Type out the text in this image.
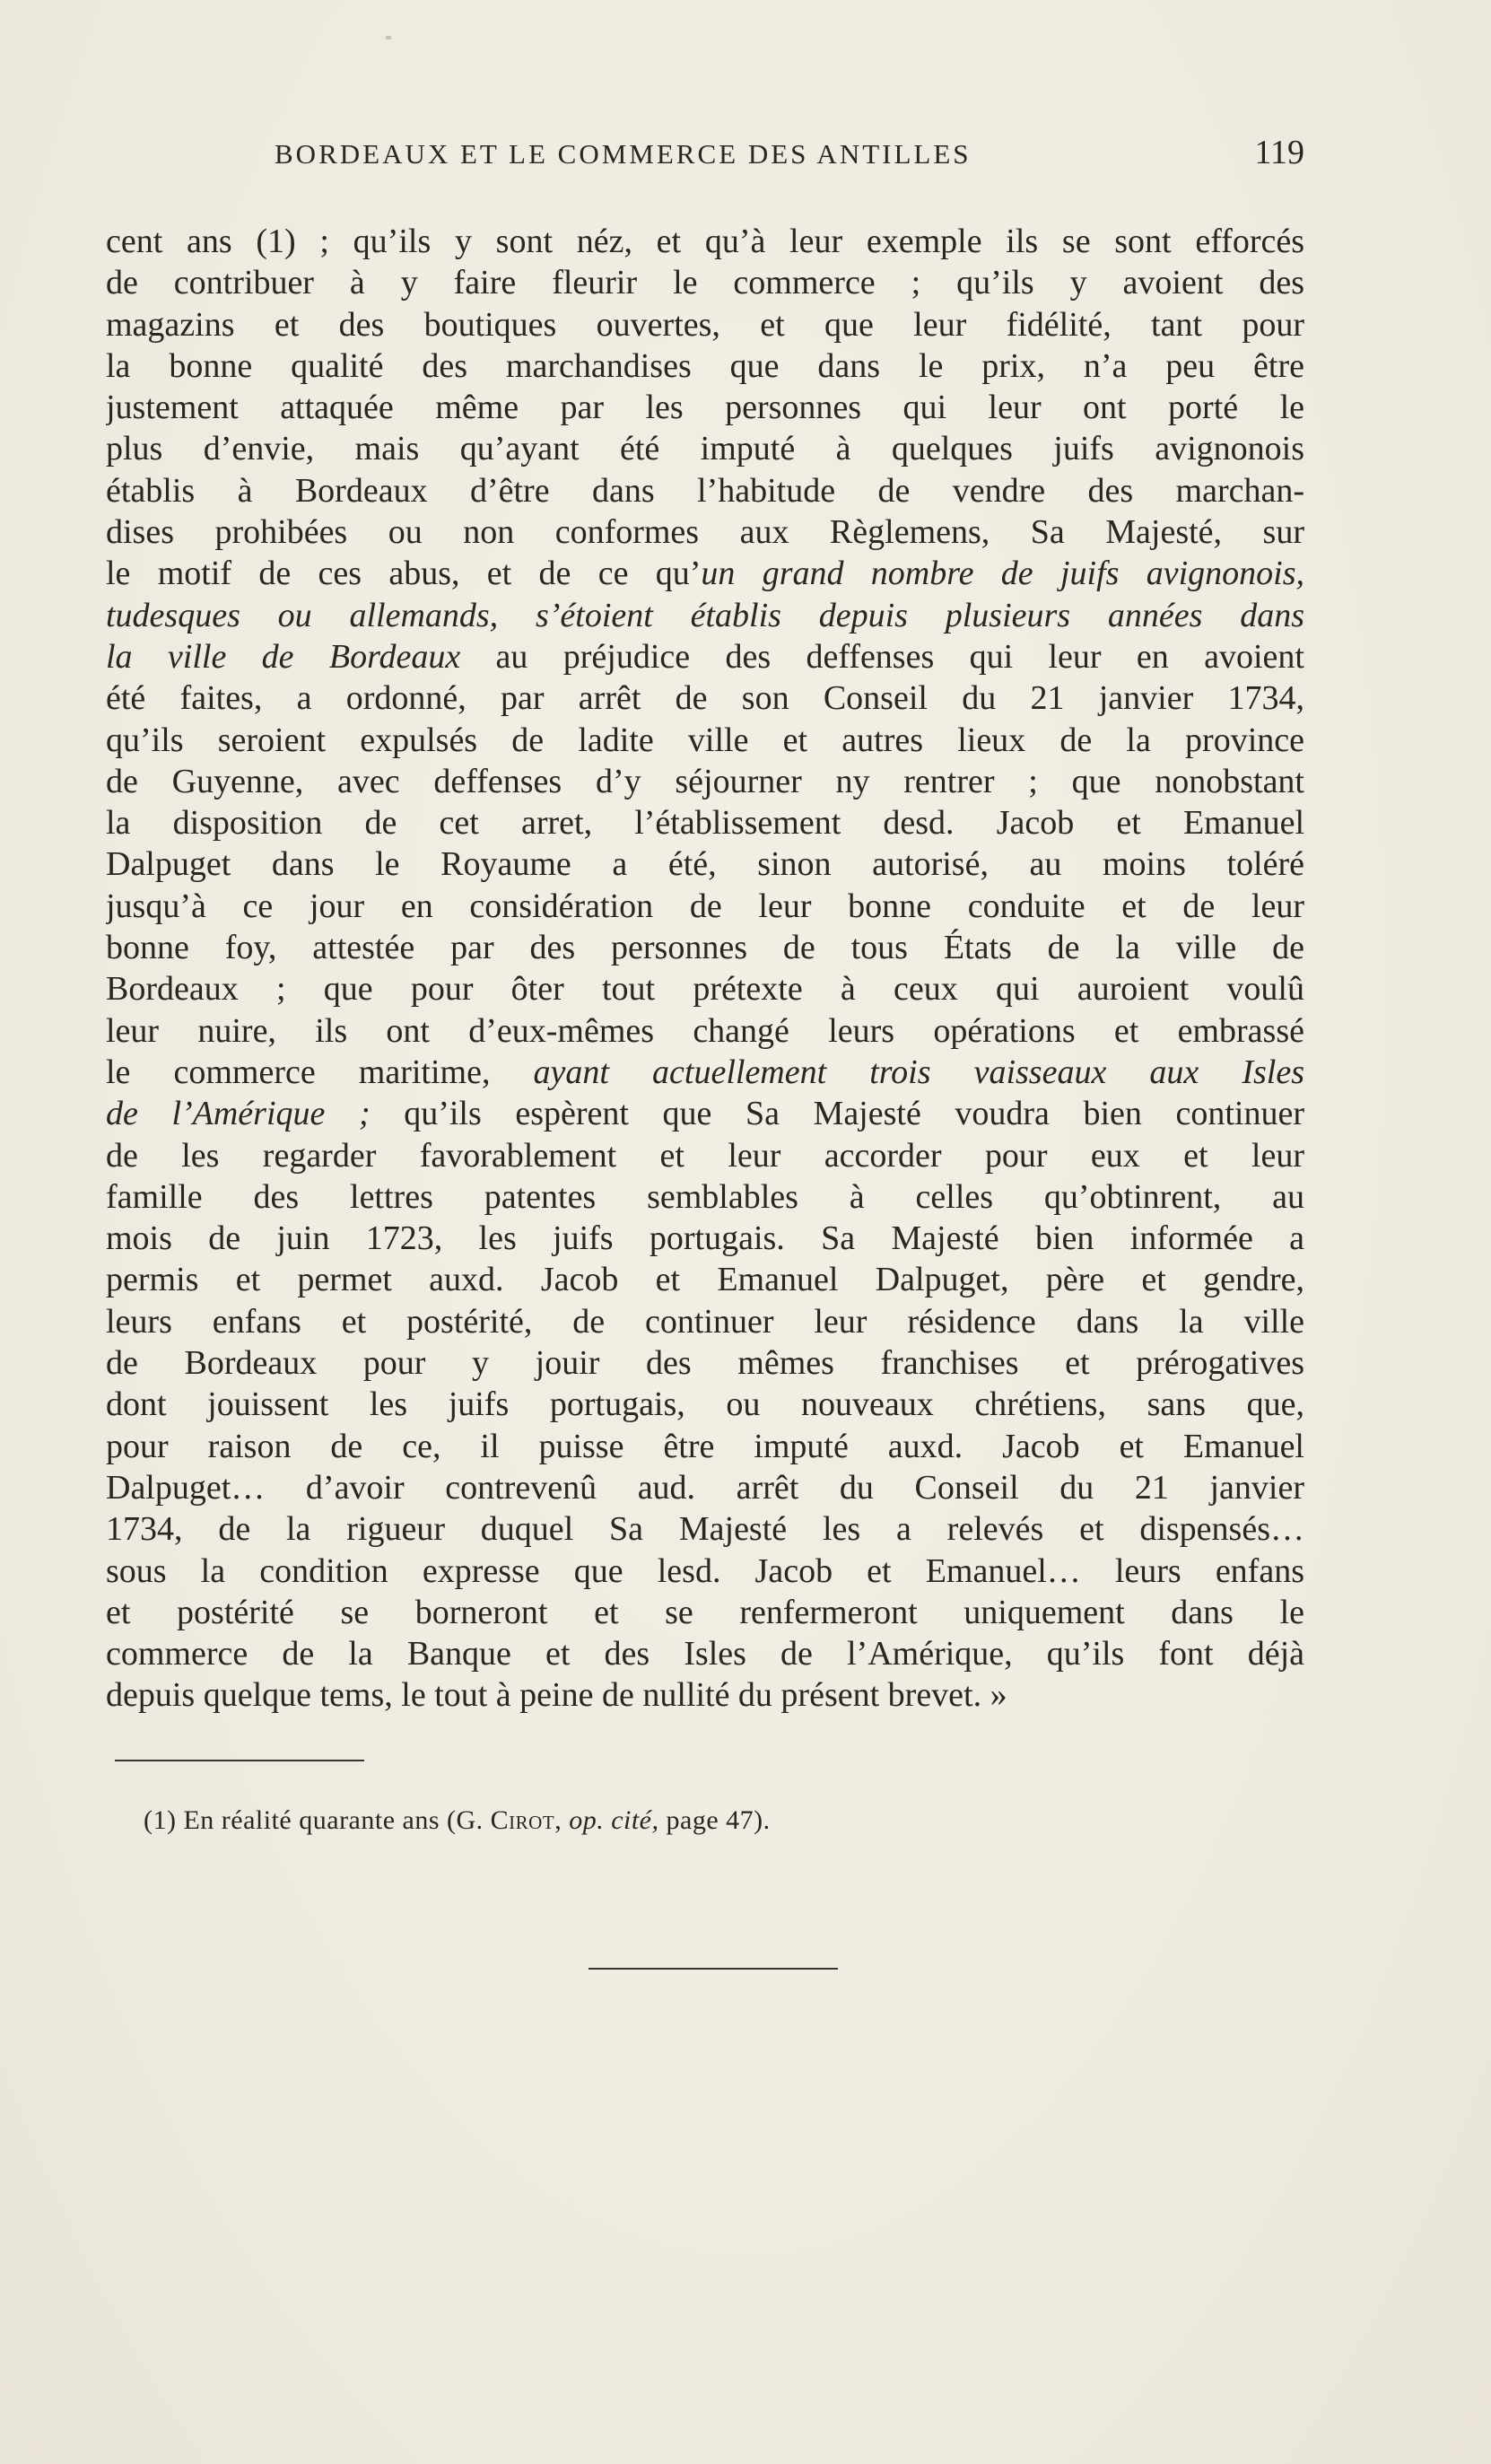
BORDEAUX ET LE COMMERCE DES ANTILLES	119
cent ans (1) ; qu’ils y sont néz, et qu’à leur exemple ils se sont efforcés
de contribuer à y faire fleurir le commerce ; qu’ils y avoient des
magazins et des boutiques ouvertes, et que leur fidélité, tant pour
la bonne qualité des marchandises que dans le prix, n’a peu être
justement attaquée même par les personnes qui leur ont porté le
plus d’envie, mais qu’ayant été imputé à quelques juifs avignonois
établis à Bordeaux d’être dans l’habitude de vendre des marchan-
dises prohibées ou non conformes aux Règlemens, Sa Majesté, sur
le motif de ces abus, et de ce qu’un grand nombre de juifs avignonois,
tudesques ou allemands, s’étoient établis depuis plusieurs années dans
la ville de Bordeaux au préjudice des deffenses qui leur en avoient
été faites, a ordonné, par arrêt de son Conseil du 21 janvier 1734,
qu’ils seroient expulsés de ladite ville et autres lieux de la province
de Guyenne, avec deffenses d’y séjourner ny rentrer ; que nonobstant
la disposition de cet arret, l’établissement desd. Jacob et Emanuel
Dalpuget dans le Royaume a été, sinon autorisé, au moins toléré
jusqu’à ce jour en considération de leur bonne conduite et de leur
bonne foy, attestée par des personnes de tous États de la ville de
Bordeaux ; que pour ôter tout prétexte à ceux qui auroient voulû
leur nuire, ils ont d’eux-mêmes changé leurs opérations et embrassé
le commerce maritime, ayant actuellement trois vaisseaux aux Isles
de l’Amérique ; qu’ils espèrent que Sa Majesté voudra bien continuer
de les regarder favorablement et leur accorder pour eux et leur
famille des lettres patentes semblables à celles qu’obtinrent, au
mois de juin 1723, les juifs portugais. Sa Majesté bien informée a
permis et permet auxd. Jacob et Emanuel Dalpuget, père et gendre,
leurs enfans et postérité, de continuer leur résidence dans la ville
de Bordeaux pour y jouir des mêmes franchises et prérogatives
dont jouissent les juifs portugais, ou nouveaux chrétiens, sans que,
pour raison de ce, il puisse être imputé auxd. Jacob et Emanuel
Dalpuget… d’avoir contrevenû aud. arrêt du Conseil du 21 janvier
1734, de la rigueur duquel Sa Majesté les a relevés et dispensés…
sous la condition expresse que lesd. Jacob et Emanuel… leurs enfans
et postérité se borneront et se renfermeront uniquement dans le
commerce de la Banque et des Isles de l’Amérique, qu’ils font déjà
depuis quelque tems, le tout à peine de nullité du présent brevet. »
(1) En réalité quarante ans (G. Cirot, op. cité, page 47).
